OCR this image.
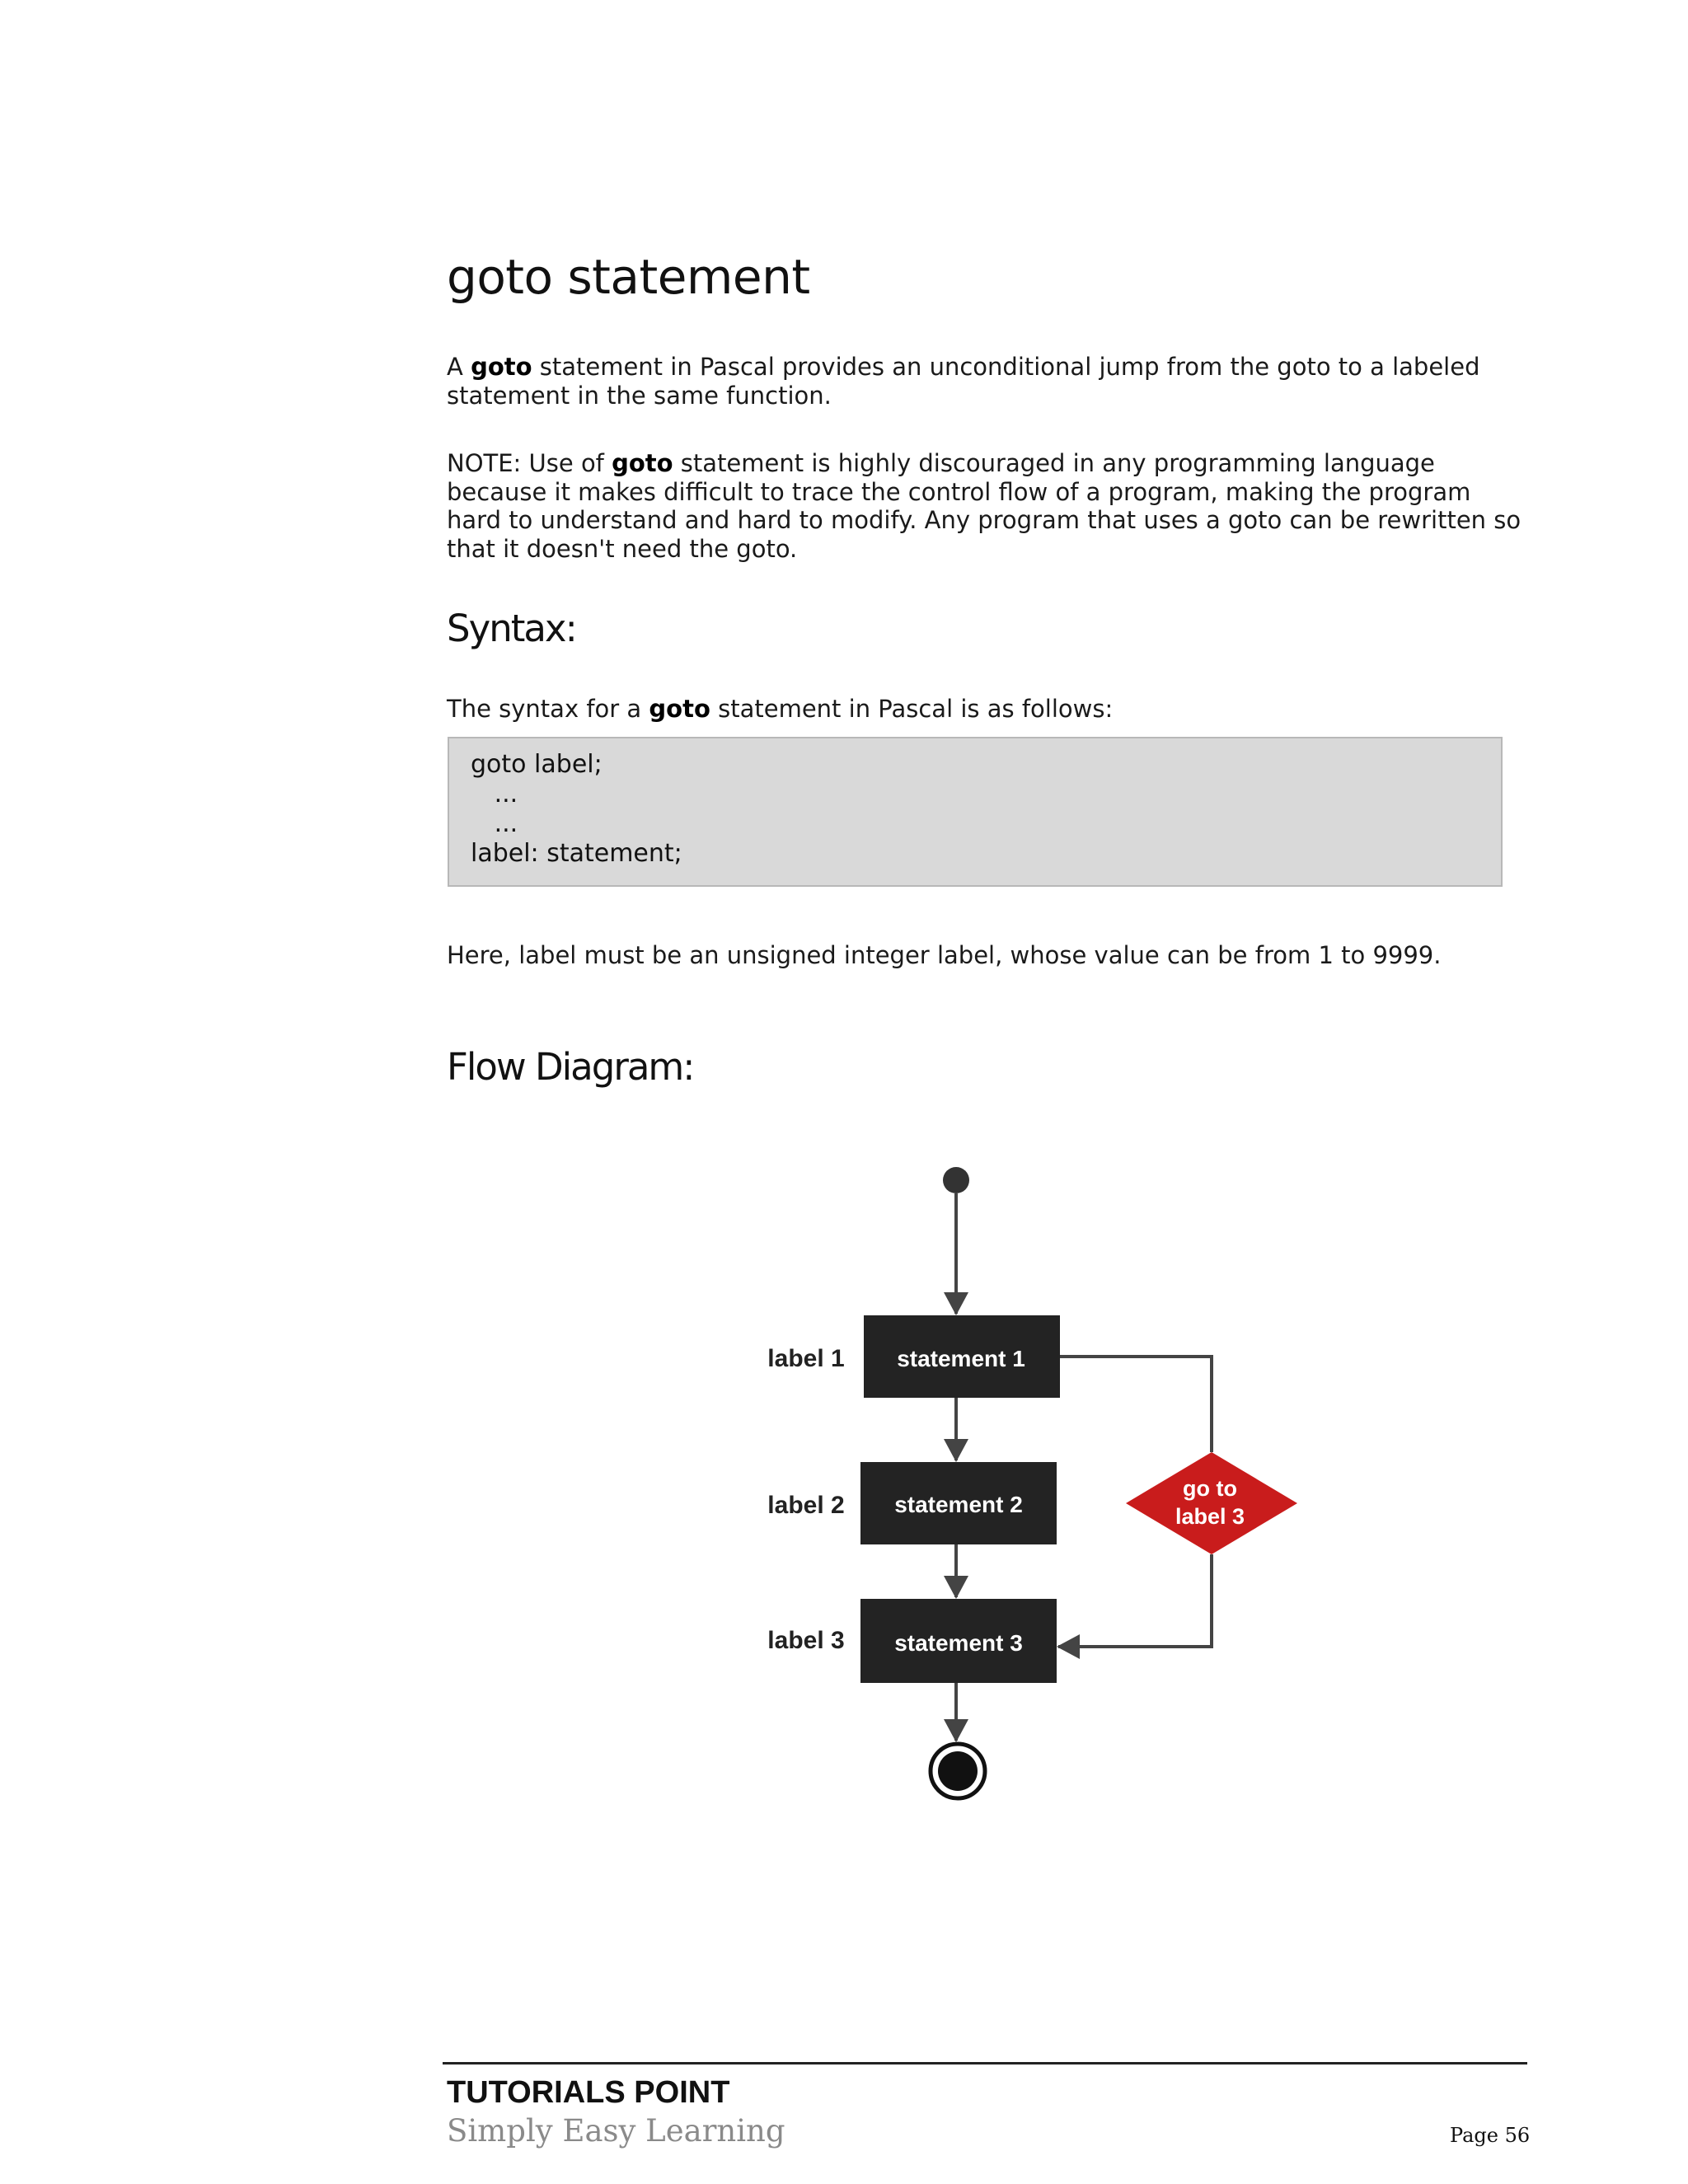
goto statement

A goto statement in Pascal provides an unconditional jump from the goto to a labeled statement in the same function.

NOTE: Use of goto statement is highly discouraged in any programming language because it makes difficult to trace the control flow of a program, making the program hard to understand and hard to modify. Any program that uses a goto can be rewritten so that it doesn't need the goto.

Syntax:

The syntax for a goto statement in Pascal is as follows:

goto label;
...
...
label: statement;

Here, label must be an unsigned integer label, whose value can be from 1 to 9999.

Flow Diagram:
statement 1
label 1
statement 2
label 2
statement 3
label 3
go to
label 3

TUTORIALS POINT

Simply Easy Learning	Page 56
